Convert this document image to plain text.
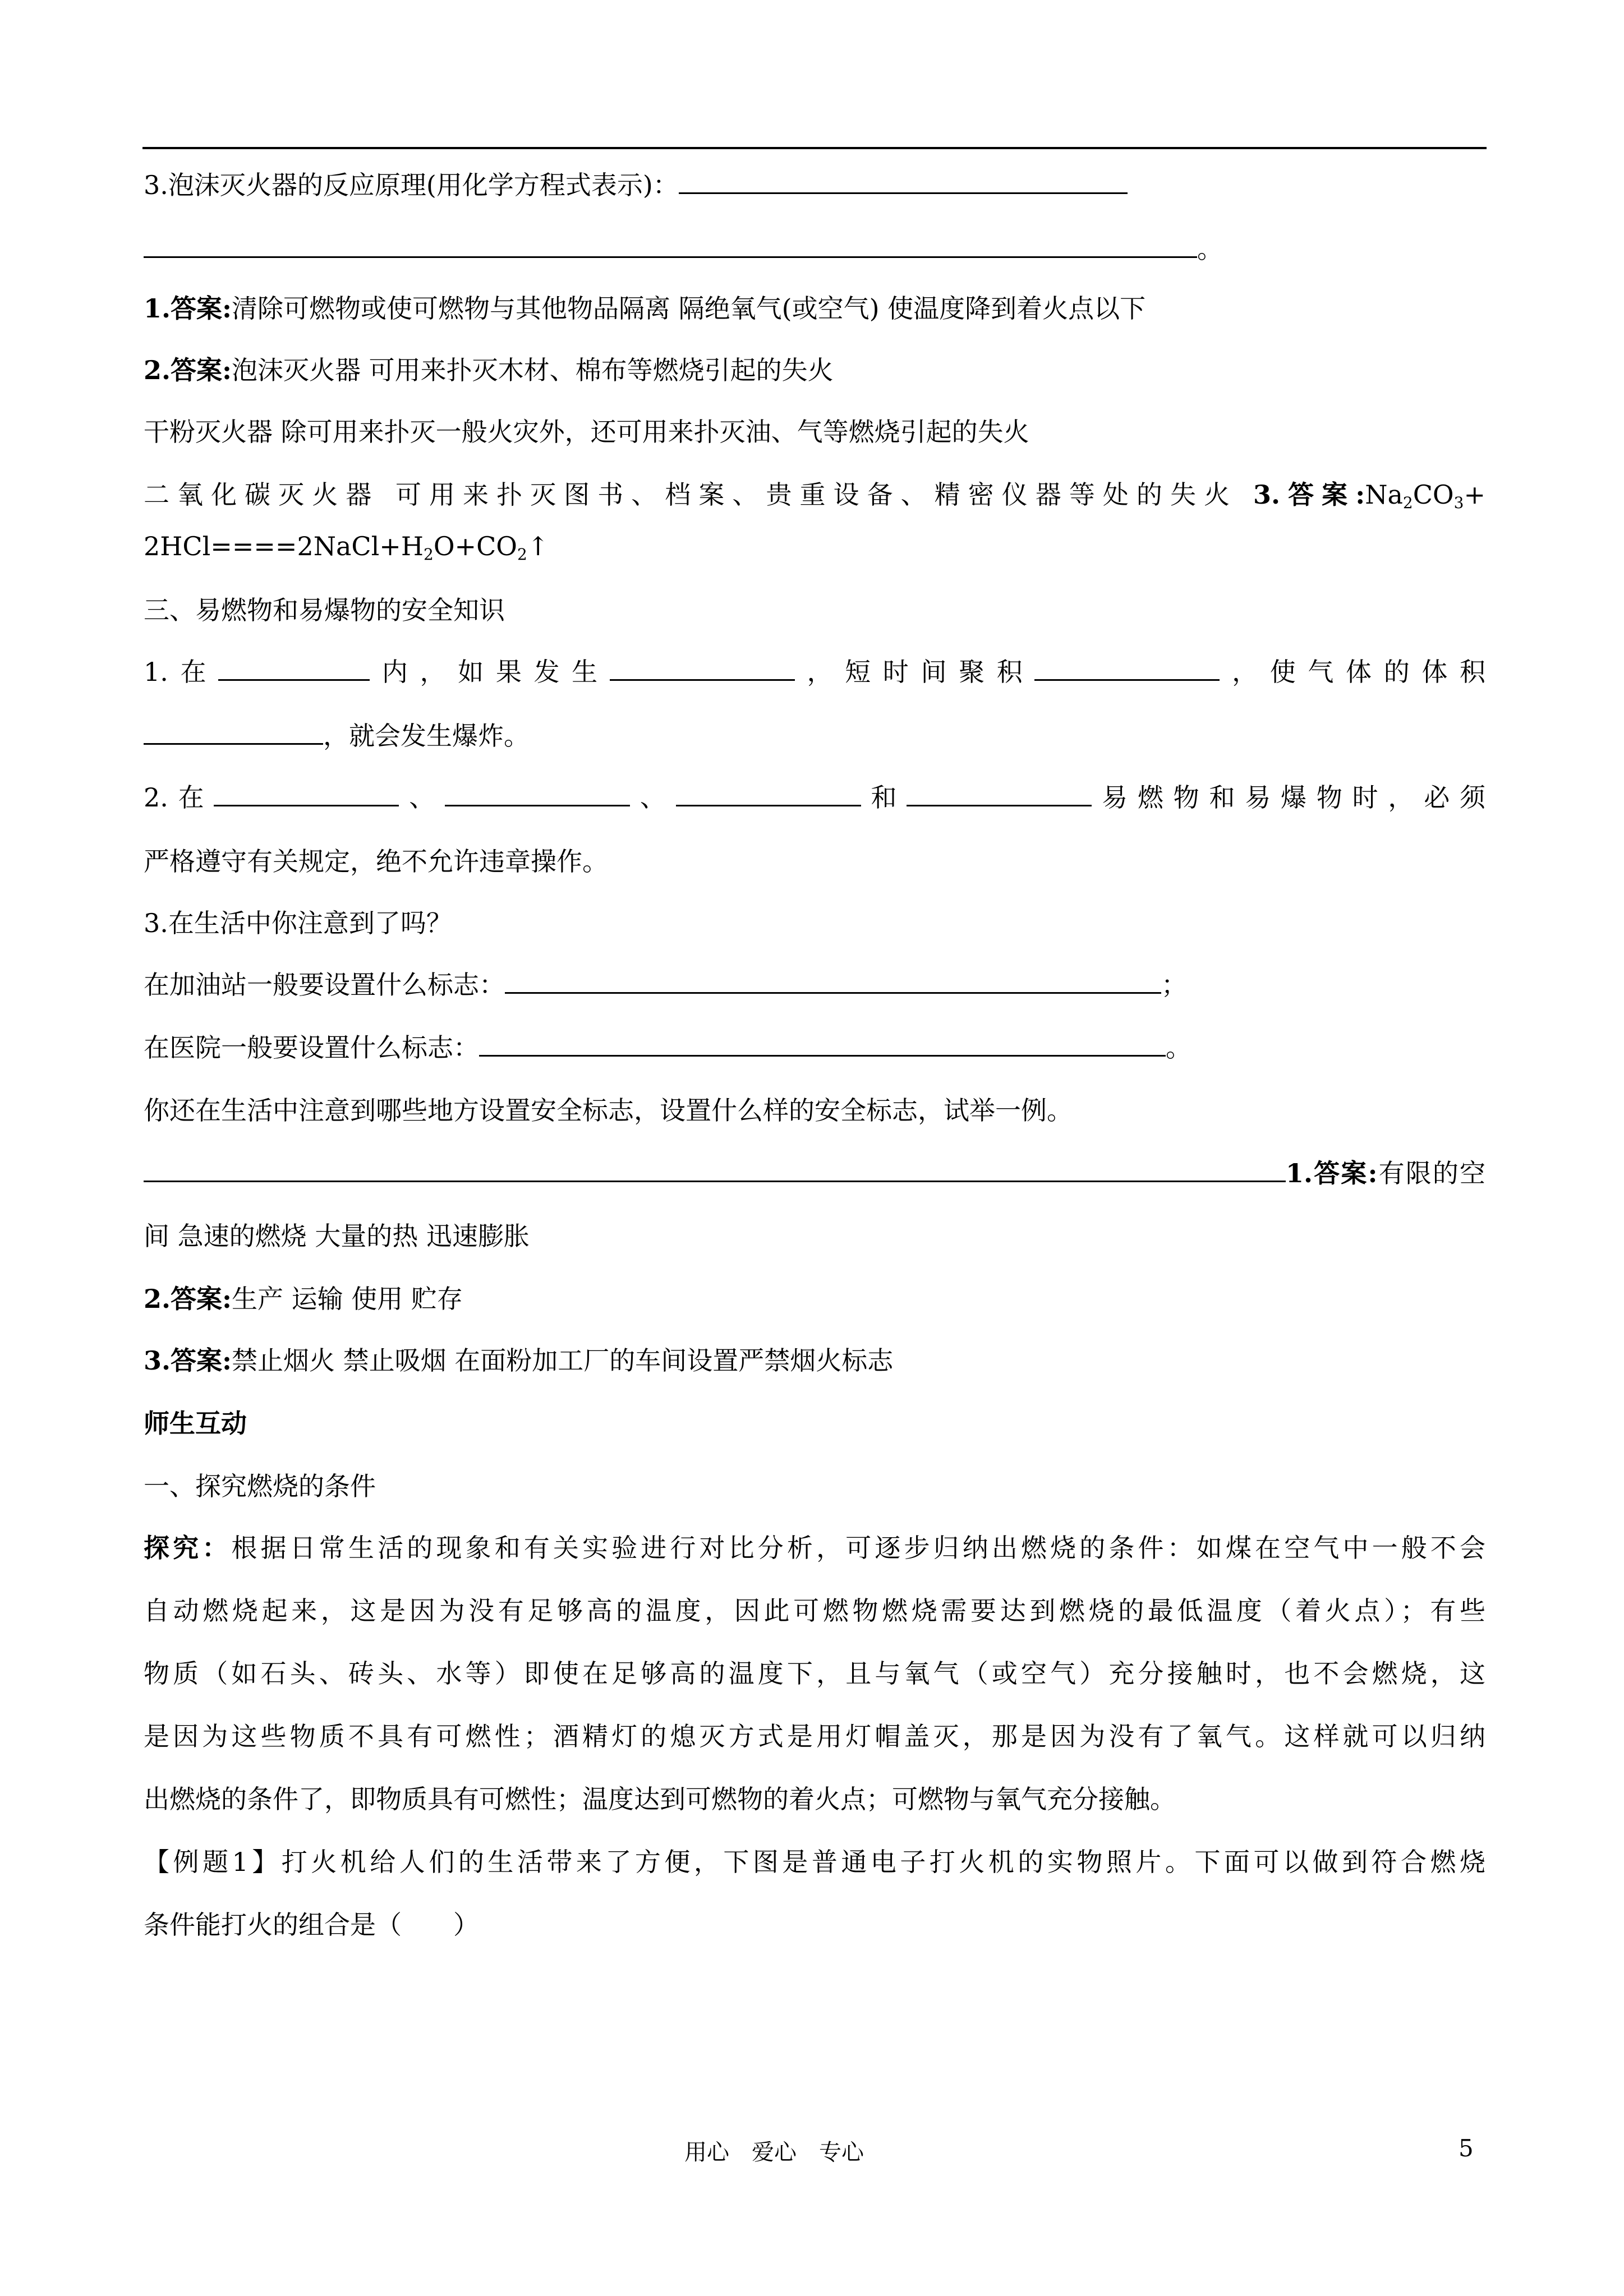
3.泡沫灭火器的反应原理(用化学方程式表示)：
。
1.答案:清除可燃物或使可燃物与其他物品隔离 隔绝氧气(或空气) 使温度降到着火点以下
2.答案:泡沫灭火器 可用来扑灭木材、棉布等燃烧引起的失火
干粉灭火器 除可用来扑灭一般火灾外，还可用来扑灭油、气等燃烧引起的失火
二氧化碳灭火器 可用来扑灭图书、档案、贵重设备、精密仪器等处的失火 3.答案$:Na_2CO_3+$
$2HCl====2NaCl+H_2O+CO_2↑$
三、易燃物和易爆物的安全知识
1.在	内，如果发生	，短时间聚积	，使气体的体积
，就会发生爆炸。
2.在	、	、	和	易燃物和易爆物时，必须
严格遵守有关规定，绝不允许违章操作。
3.在生活中你注意到了吗？
在加油站一般要设置什么标志：	；
在医院一般要设置什么标志：	。
你还在生活中注意到哪些地方设置安全标志，设置什么样的安全标志，试举一例。
1.答案:有限的空
间 急速的燃烧 大量的热 迅速膨胀
2.答案:生产 运输 使用 贮存
3.答案:禁止烟火 禁止吸烟 在面粉加工厂的车间设置严禁烟火标志
师生互动
一、探究燃烧的条件
探究：根据日常生活的现象和有关实验进行对比分析，可逐步归纳出燃烧的条件：如煤在空气中一般不会
自动燃烧起来，这是因为没有足够高的温度，因此可燃物燃烧需要达到燃烧的最低温度（着火点）；有些
物质（如石头、砖头、水等）即使在足够高的温度下，且与氧气（或空气）充分接触时，也不会燃烧，这
是因为这些物质不具有可燃性；酒精灯的熄灭方式是用灯帽盖灭，那是因为没有了氧气。这样就可以归纳
出燃烧的条件了，即物质具有可燃性；温度达到可燃物的着火点；可燃物与氧气充分接触。
【例题1】打火机给人们的生活带来了方便，下图是普通电子打火机的实物照片。下面可以做到符合燃烧
条件能打火的组合是（　　）
用心　爱心　专心	5
